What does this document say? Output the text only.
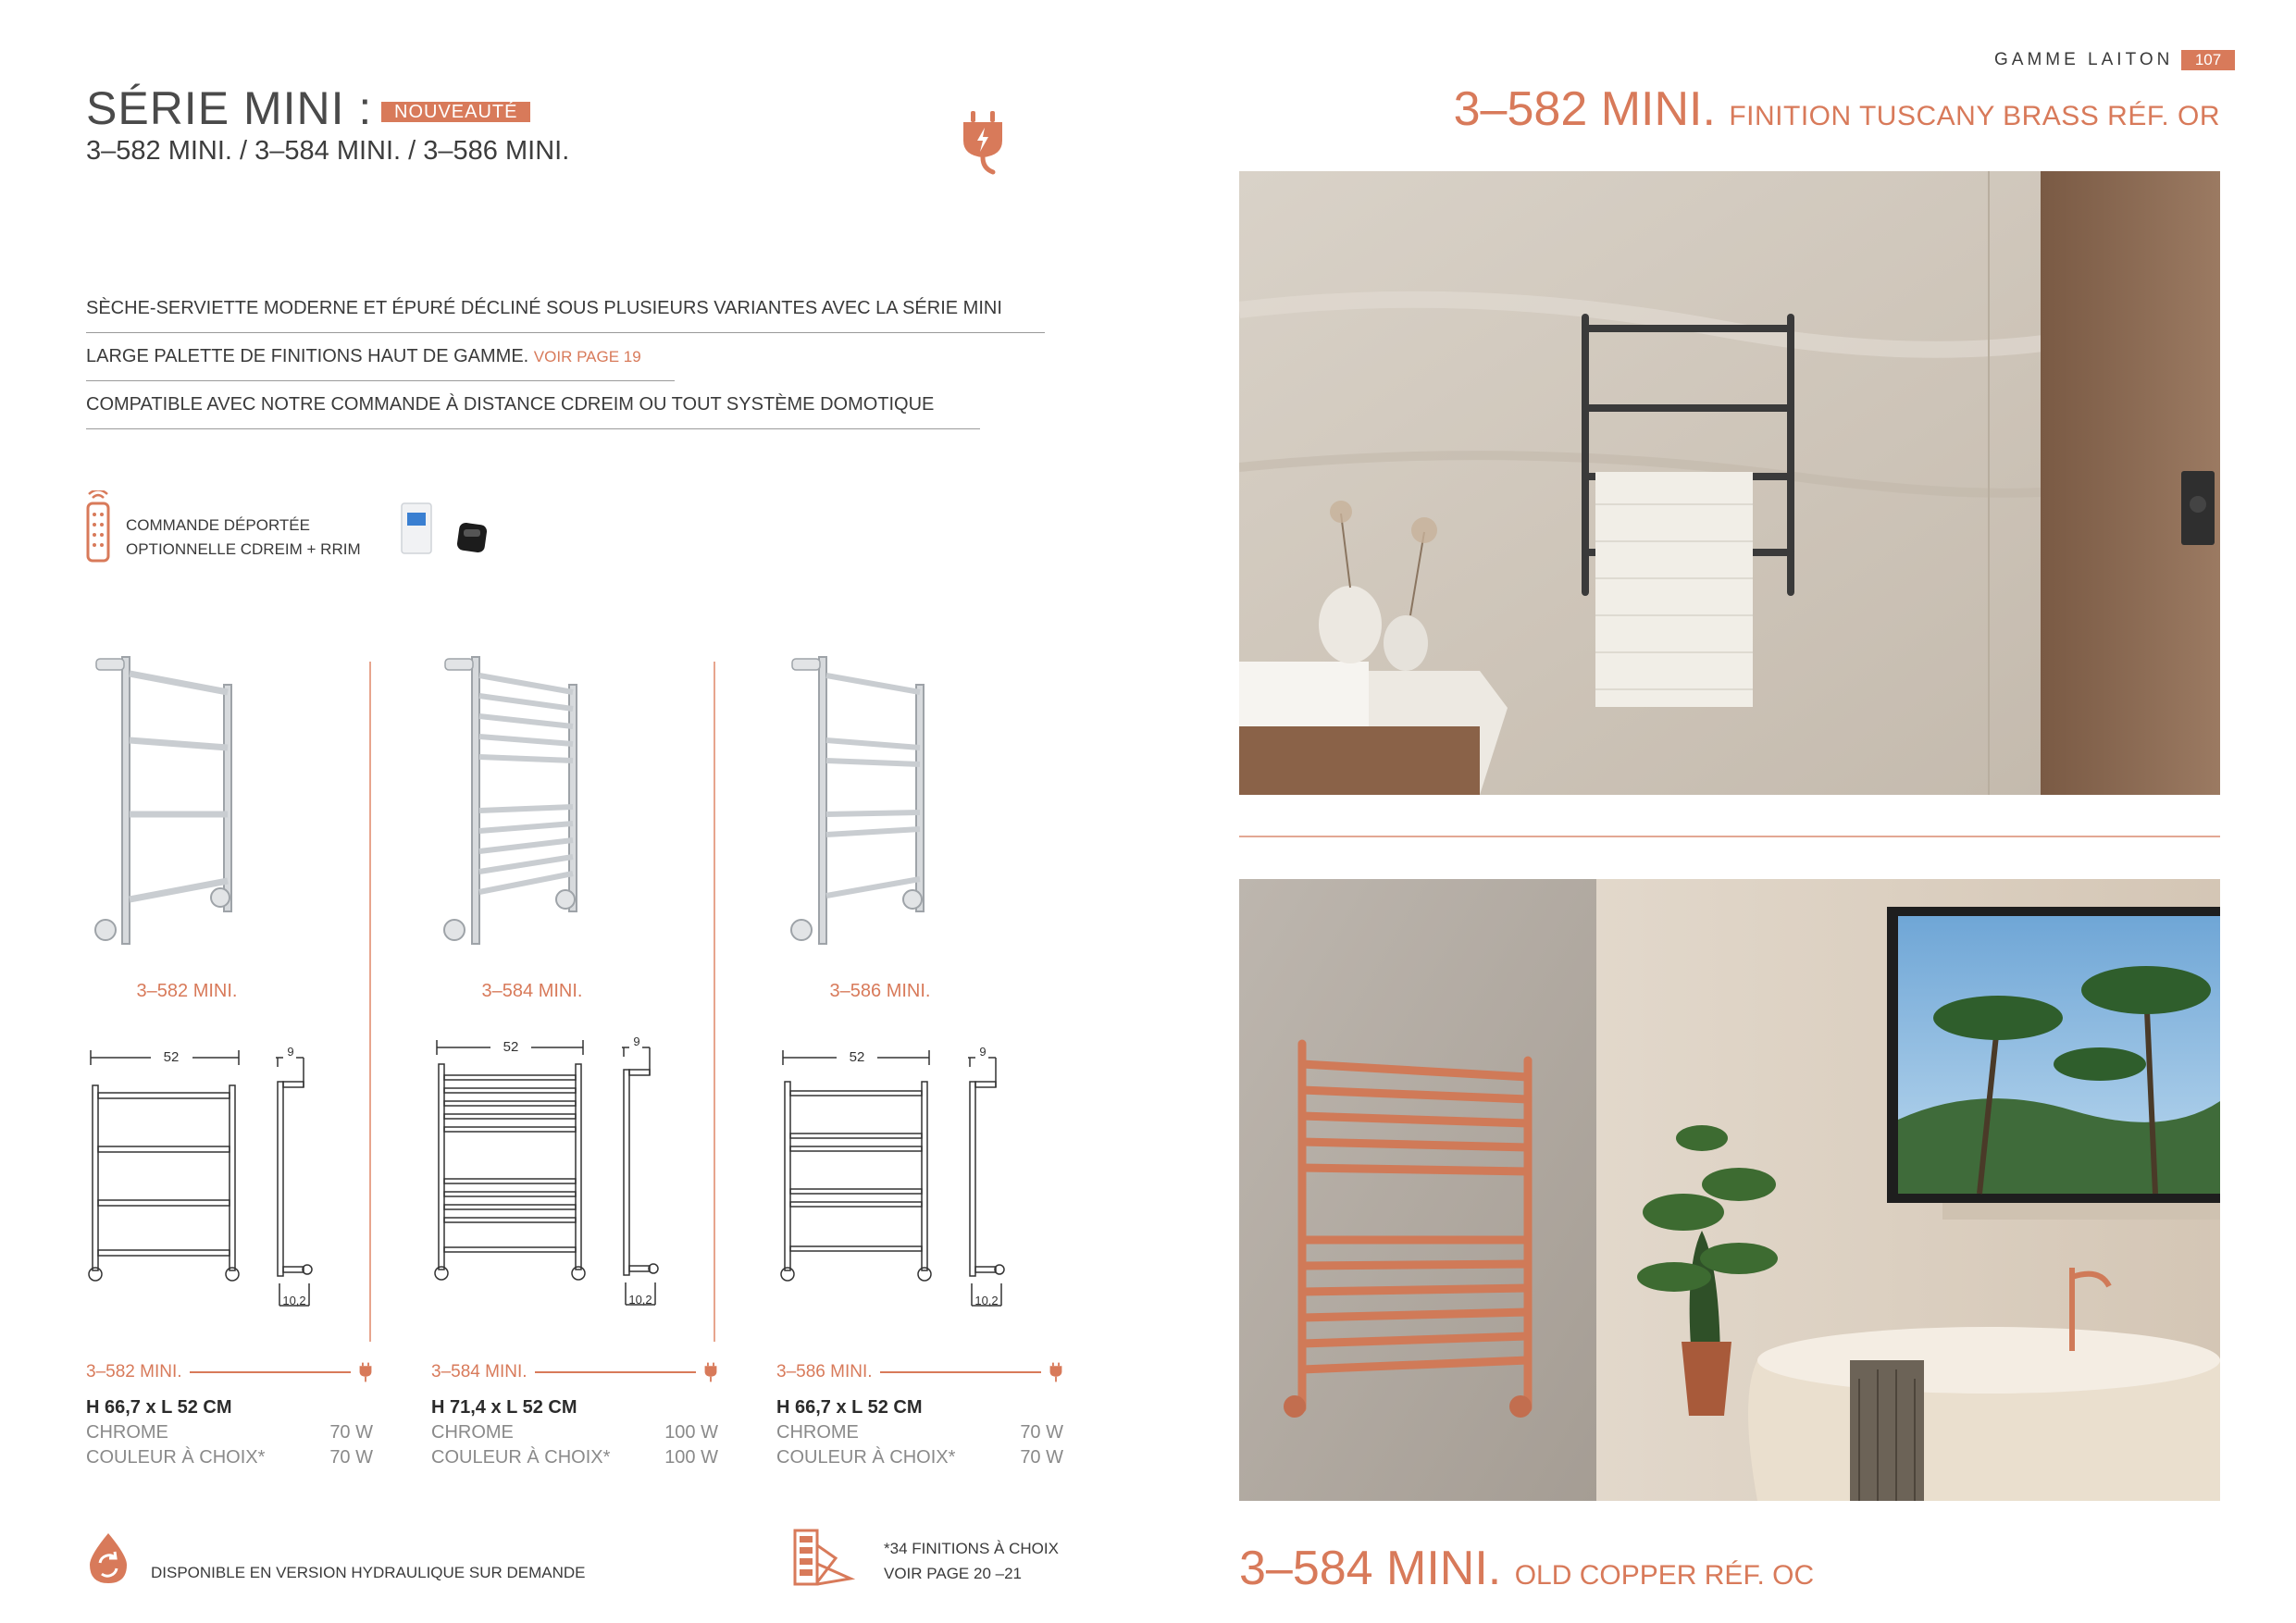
SÉRIE MINI :	NOUVEAUTÉ
3–582 MINI. / 3–584 MINI. / 3–586 MINI.
SÈCHE-SERVIETTE MODERNE ET ÉPURÉ DÉCLINÉ SOUS PLUSIEURS VARIANTES AVEC LA SÉRIE MINI
LARGE PALETTE DE FINITIONS HAUT DE GAMME. VOIR PAGE 19
COMPATIBLE AVEC NOTRE COMMANDE À DISTANCE CDREIM OU TOUT SYSTÈME DOMOTIQUE
COMMANDE DÉPORTÉE
OPTIONNELLE CDREIM + RRIM
3–582 MINI.	3–584 MINI.	3–586 MINI.
52	9
10,2
52	9
10,2
52	9
10,2
3–582 MINI.
H 66,7 x L 52 CM
CHROME	70 W
COULEUR À CHOIX*	70 W
3–584 MINI.
H 71,4 x L 52 CM
CHROME	100 W
COULEUR À CHOIX*	100 W
3–586 MINI.
H 66,7 x L 52 CM
CHROME	70 W
COULEUR À CHOIX*	70 W
DISPONIBLE EN VERSION HYDRAULIQUE SUR DEMANDE
*34 FINITIONS À CHOIX
VOIR PAGE 20 –21
GAMME LAITON	107
3–582 MINI. FINITION TUSCANY BRASS RÉF. OR
3–584 MINI. OLD COPPER RÉF. OC
